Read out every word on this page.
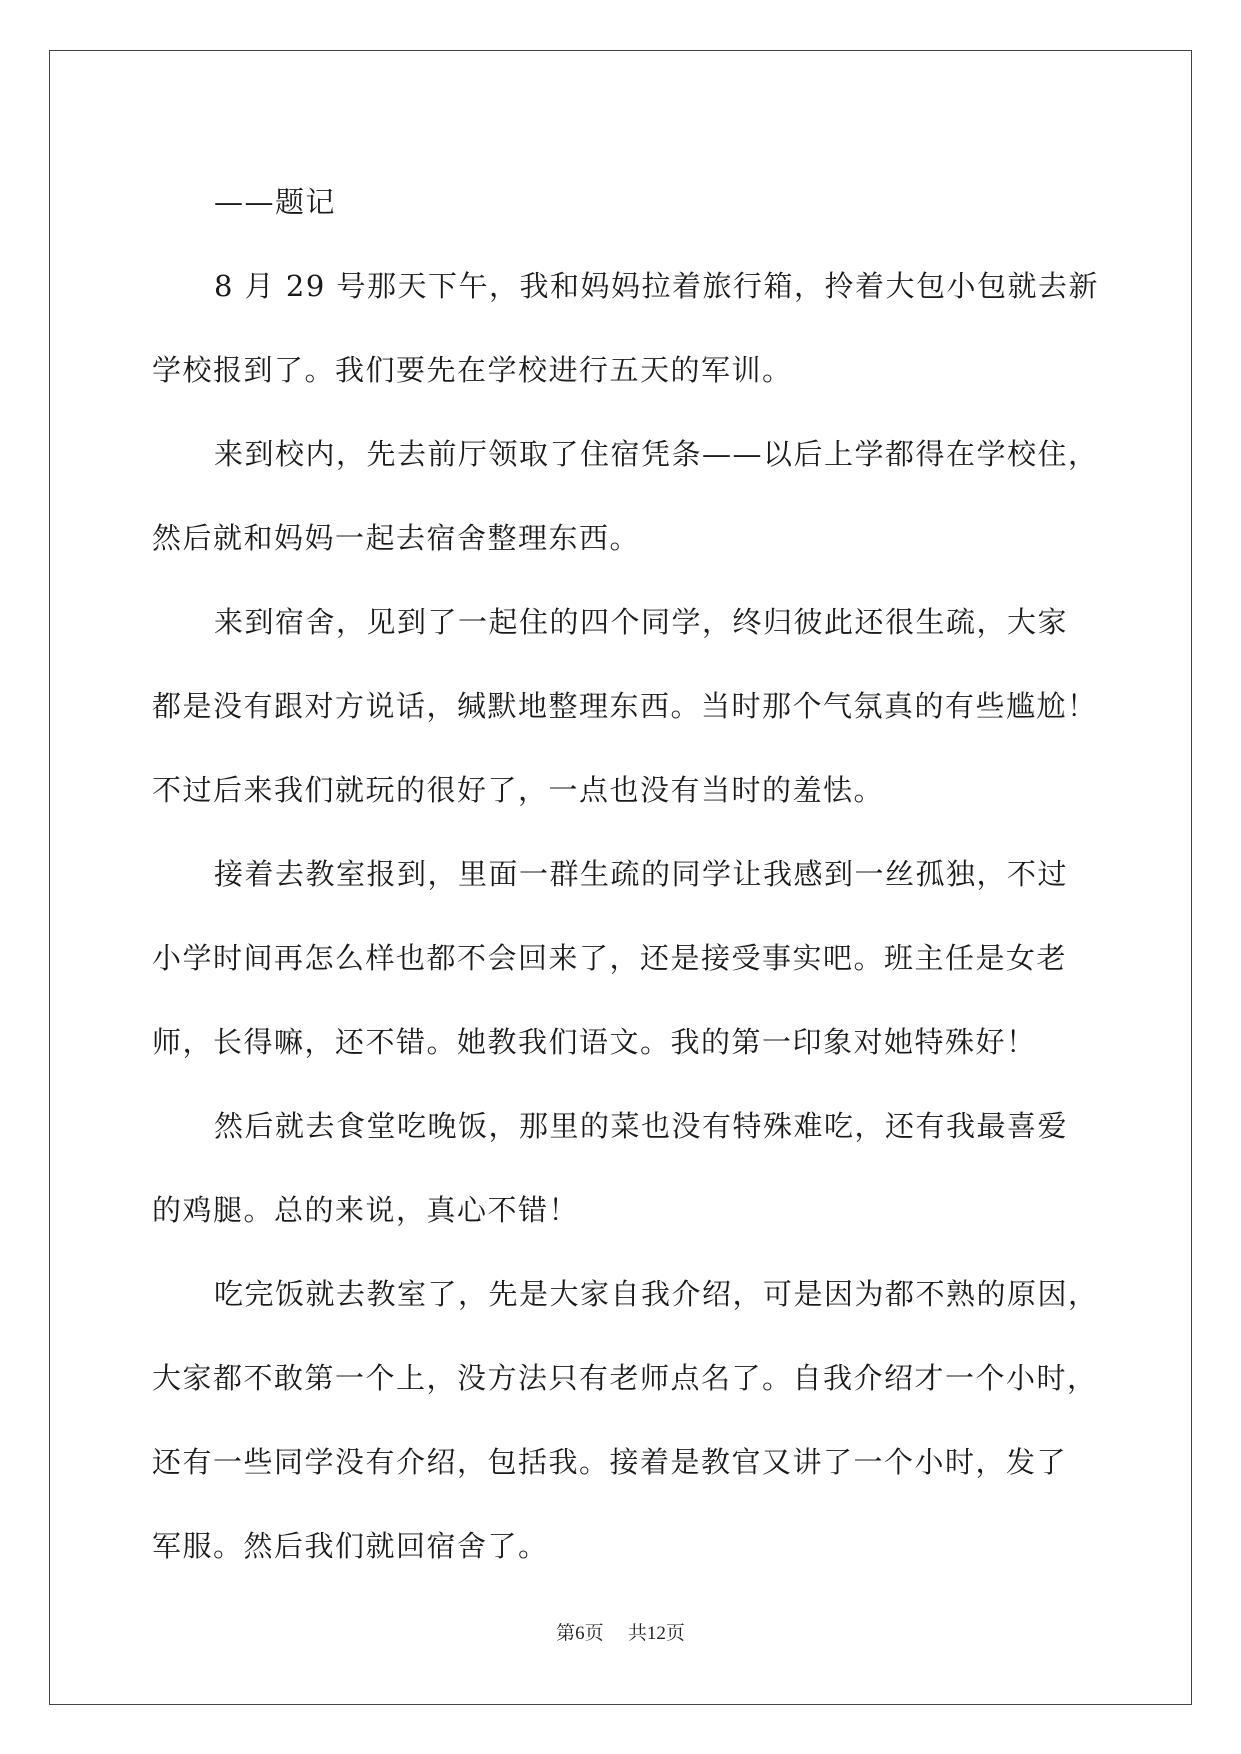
——题记
8 月 29 号那天下午，我和妈妈拉着旅行箱，拎着大包小包就去新
学校报到了。我们要先在学校进行五天的军训。
来到校内，先去前厅领取了住宿凭条——以后上学都得在学校住，
然后就和妈妈一起去宿舍整理东西。
来到宿舍，见到了一起住的四个同学，终归彼此还很生疏，大家
都是没有跟对方说话，缄默地整理东西。当时那个气氛真的有些尴尬！
不过后来我们就玩的很好了，一点也没有当时的羞怯。
接着去教室报到，里面一群生疏的同学让我感到一丝孤独，不过
小学时间再怎么样也都不会回来了，还是接受事实吧。班主任是女老
师，长得嘛，还不错。她教我们语文。我的第一印象对她特殊好！
然后就去食堂吃晚饭，那里的菜也没有特殊难吃，还有我最喜爱
的鸡腿。总的来说，真心不错！
吃完饭就去教室了，先是大家自我介绍，可是因为都不熟的原因，
大家都不敢第一个上，没方法只有老师点名了。自我介绍才一个小时，
还有一些同学没有介绍，包括我。接着是教官又讲了一个小时，发了
军服。然后我们就回宿舍了。
第6页 共12页
